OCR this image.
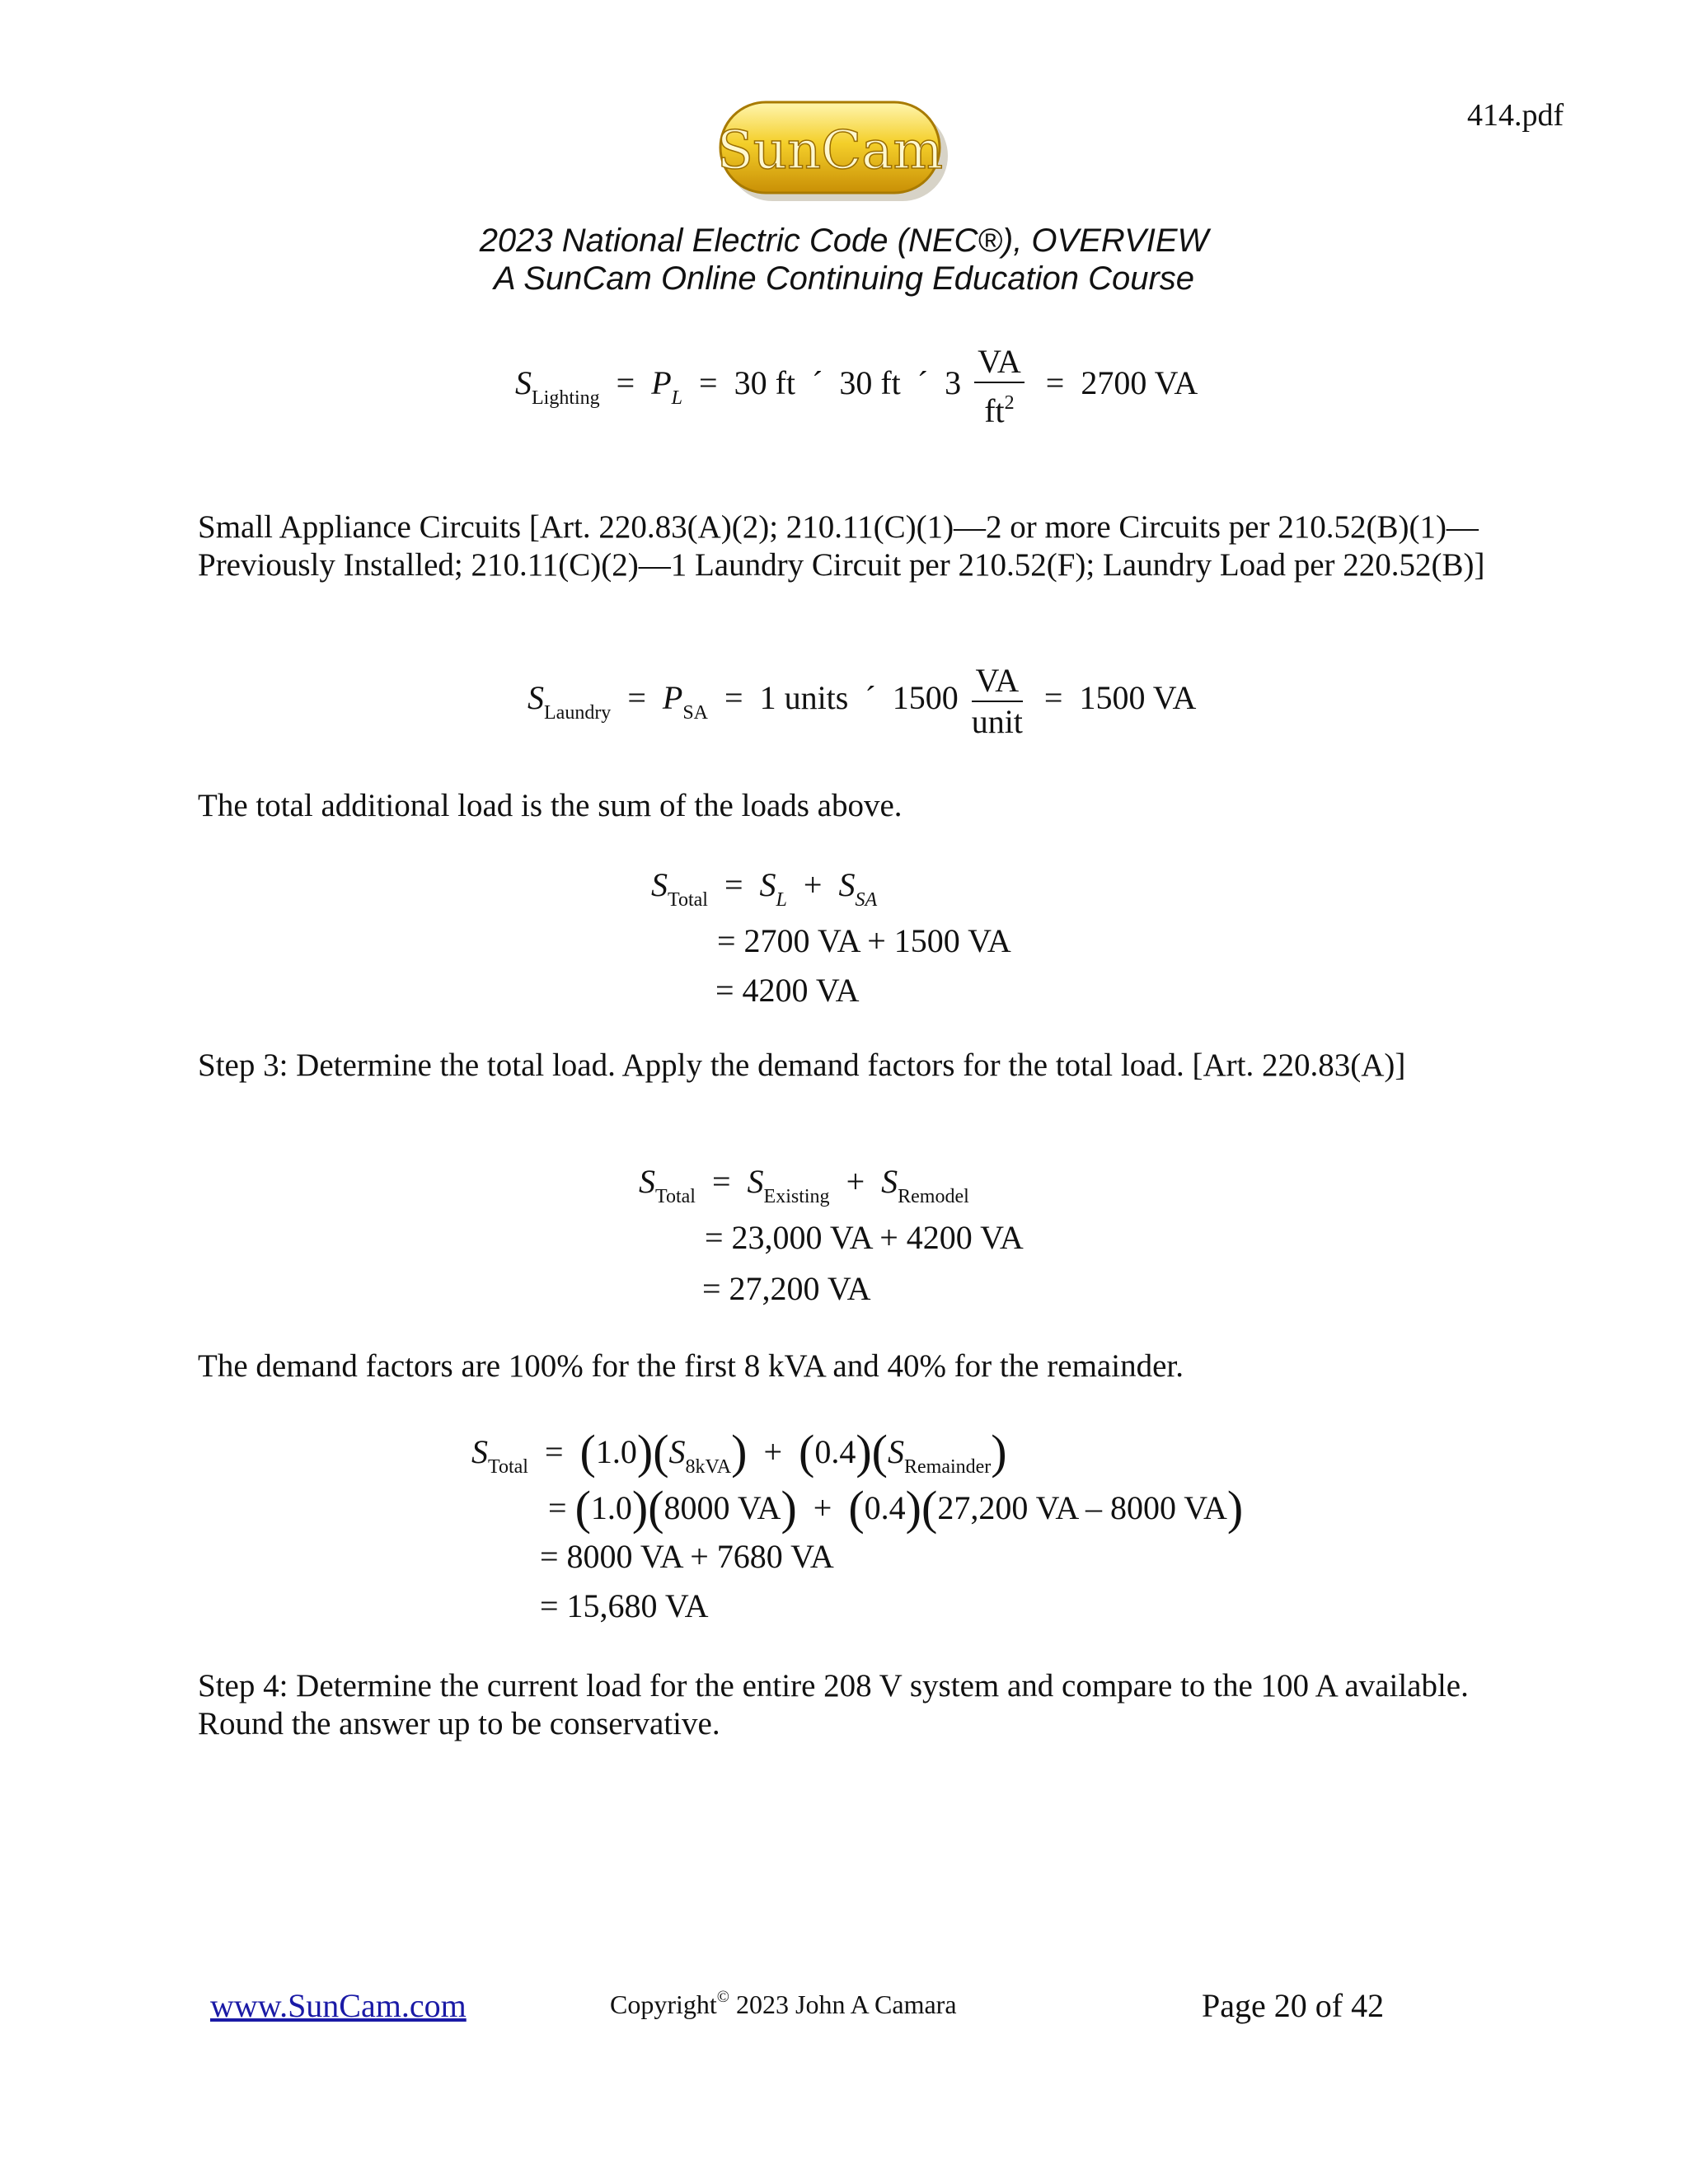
414.pdf
SunCam
2023 National Electric Code (NEC®), OVERVIEW
A SunCam Online Continuing Education Course
$S_{Lighting} = P_L = 30$ ft ´ 30 ft ´ $3 \frac{VA}{ft^2} = 2700$ VA
Small Appliance Circuits [Art. 220.83(A)(2); 210.11(C)(1)—2 or more Circuits per 210.52(B)(1)—Previously Installed; 210.11(C)(2)—1 Laundry Circuit per 210.52(F); Laundry Load per 220.52(B)]
$S_{Laundry} = P_{SA} = 1$ units ´ $1500 \frac{VA}{\text{unit}} = 1500$ VA
The total additional load is the sum of the loads above.
$S_{Total} = S_L + S_{SA}$
= 2700 VA + 1500 VA
= 4200 VA
Step 3: Determine the total load. Apply the demand factors for the total load. [Art. 220.83(A)]
$S_{Total} = S_{Existing} + S_{Remodel}$
= 23,000 VA + 4200 VA
= 27,200 VA
The demand factors are 100% for the first 8 kVA and 40% for the remainder.
$S_{Total} = (1.0)(S_{8kVA}) + (0.4)(S_{Remainder})$
= (1.0)(8000 VA) + (0.4)(27,200 VA – 8000 VA)
= 8000 VA + 7680 VA
= 15,680 VA
Step 4: Determine the current load for the entire 208 V system and compare to the 100 A available. Round the answer up to be conservative.
www.SunCam.com	Copyright© 2023 John A Camara	Page 20 of 42
